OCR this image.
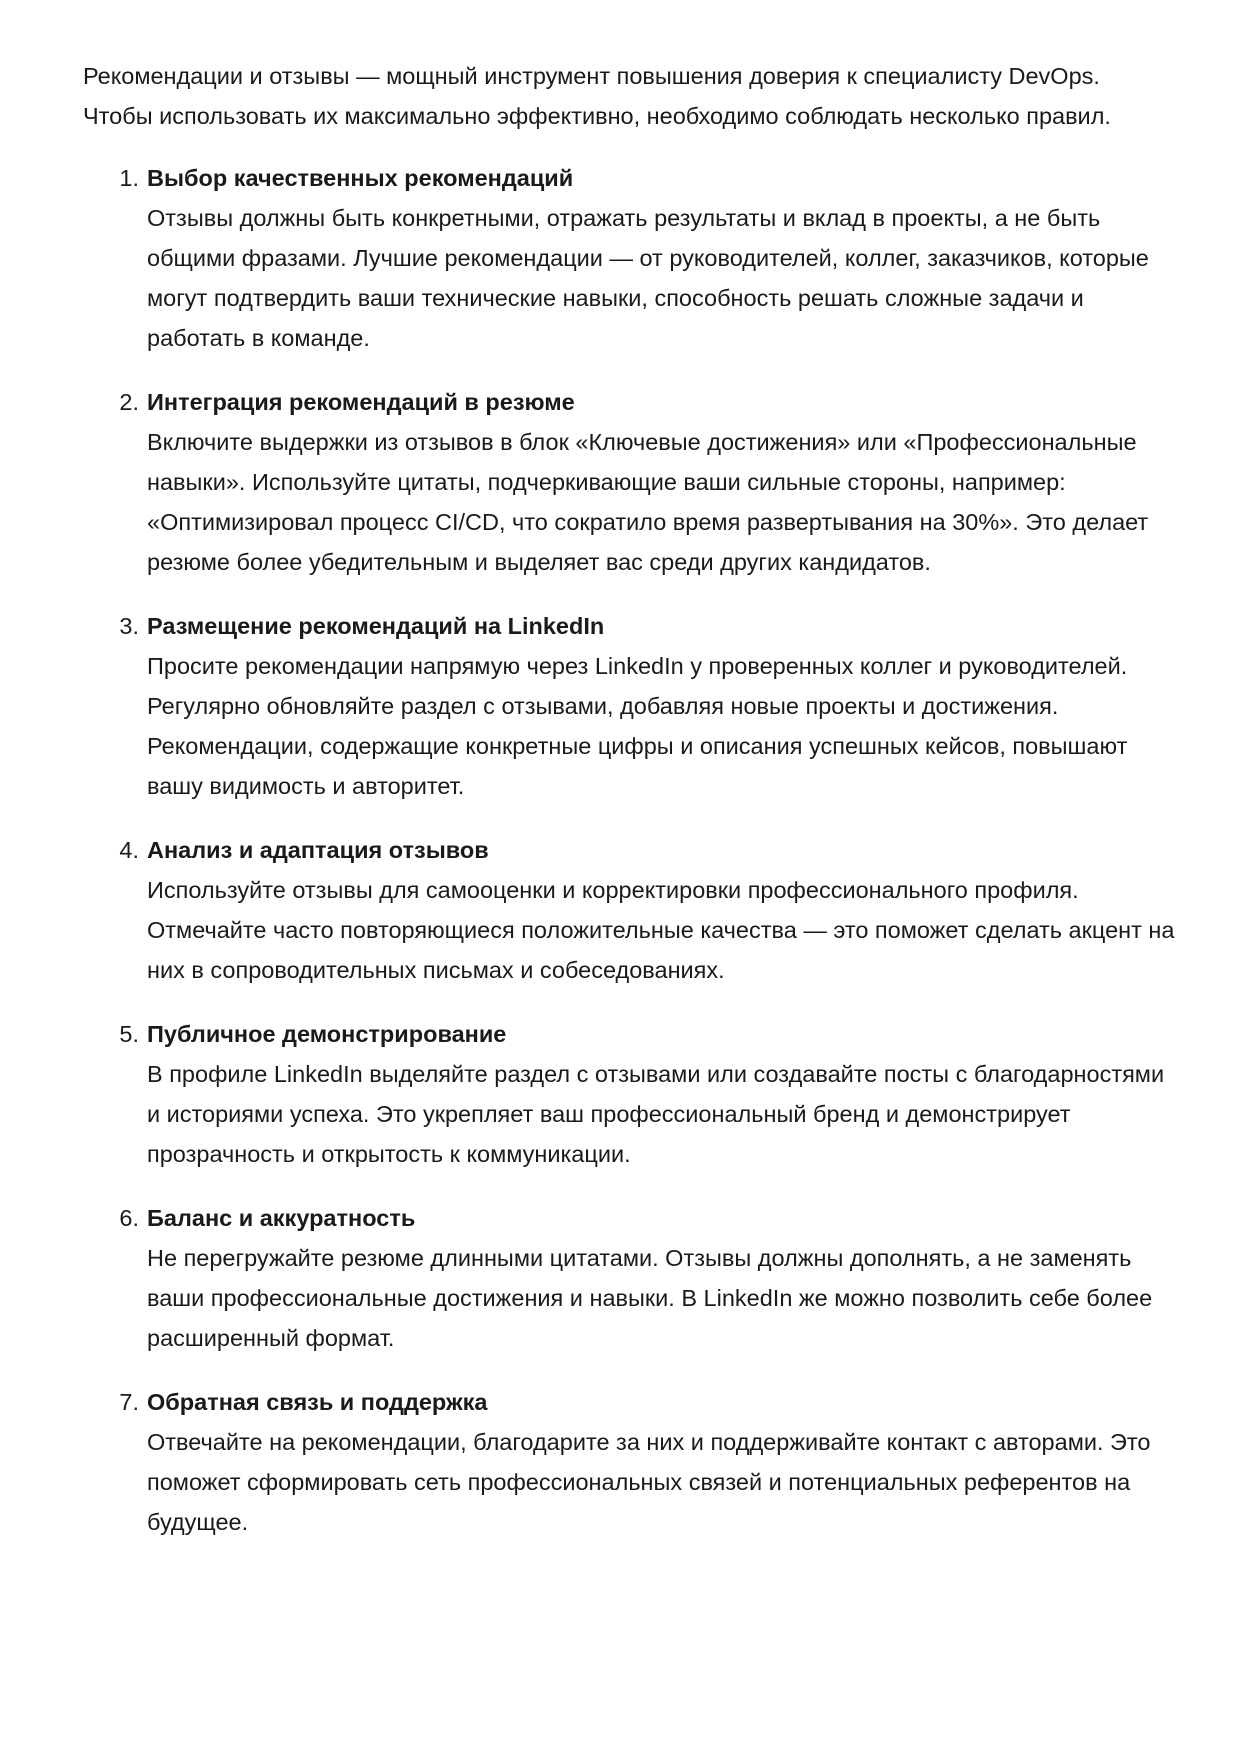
Рекомендации и отзывы — мощный инструмент повышения доверия к специалисту DevOps. Чтобы использовать их максимально эффективно, необходимо соблюдать несколько правил.

1. Выбор качественных рекомендаций

Отзывы должны быть конкретными, отражать результаты и вклад в проекты, а не быть общими фразами. Лучшие рекомендации — от руководителей, коллег, заказчиков, которые могут подтвердить ваши технические навыки, способность решать сложные задачи и работать в команде.

2. Интеграция рекомендаций в резюме

Включите выдержки из отзывов в блок «Ключевые достижения» или «Профессиональные навыки». Используйте цитаты, подчеркивающие ваши сильные стороны, например: «Оптимизировал процесс CI/CD, что сократило время развертывания на 30%». Это делает резюме более убедительным и выделяет вас среди других кандидатов.

3. Размещение рекомендаций на LinkedIn

Просите рекомендации напрямую через LinkedIn у проверенных коллег и руководителей. Регулярно обновляйте раздел с отзывами, добавляя новые проекты и достижения. Рекомендации, содержащие конкретные цифры и описания успешных кейсов, повышают вашу видимость и авторитет.

4. Анализ и адаптация отзывов

Используйте отзывы для самооценки и корректировки профессионального профиля. Отмечайте часто повторяющиеся положительные качества — это поможет сделать акцент на них в сопроводительных письмах и собеседованиях.

5. Публичное демонстрирование

В профиле LinkedIn выделяйте раздел с отзывами или создавайте посты с благодарностями и историями успеха. Это укрепляет ваш профессиональный бренд и демонстрирует прозрачность и открытость к коммуникации.

6. Баланс и аккуратность

Не перегружайте резюме длинными цитатами. Отзывы должны дополнять, а не заменять ваши профессиональные достижения и навыки. В LinkedIn же можно позволить себе более расширенный формат.

7. Обратная связь и поддержка

Отвечайте на рекомендации, благодарите за них и поддерживайте контакт с авторами. Это поможет сформировать сеть профессиональных связей и потенциальных референтов на будущее.
